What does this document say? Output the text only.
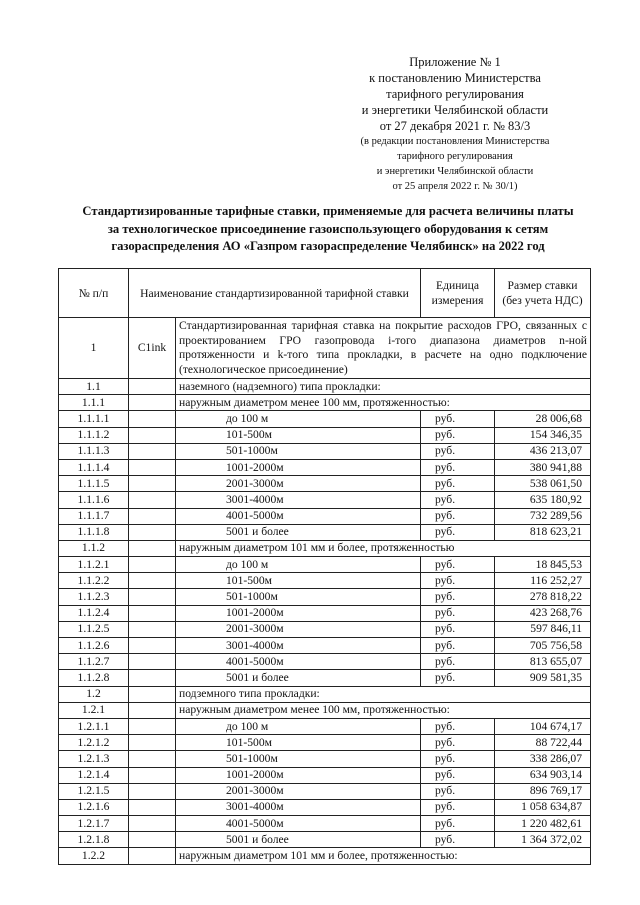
Приложение № 1
к постановлению Министерства
тарифного регулирования
и энергетики Челябинской области
от 27 декабря 2021 г. № 83/3
(в редакции постановления Министерства
тарифного регулирования
и энергетики Челябинской области
от 25 апреля 2022 г. № 30/1)
Стандартизированные тарифные ставки, применяемые для расчета величины платы
за технологическое присоединение газоиспользующего оборудования к сетям
газораспределения АО «Газпром газораспределение Челябинск» на 2022 год
№ п/п	Наименование стандартизированной тарифной ставки		Единица измерения	Размер ставки (без учета НДС)
1	C1ink	Стандартизированная тарифная ставка на покрытие расходов ГРО, связанных с проектированием ГРО газопровода i-того диапазона диаметров n-ной протяженности и k-того типа прокладки, в расчете на одно подключение (технологическое присоединение)		
1.1		наземного (надземного) типа прокладки:		
1.1.1		наружным диаметром менее 100 мм, протяженностью:		
1.1.1.1		до 100 м	руб.	28 006,68
1.1.1.2		101-500м	руб.	154 346,35
1.1.1.3		501-1000м	руб.	436 213,07
1.1.1.4		1001-2000м	руб.	380 941,88
1.1.1.5		2001-3000м	руб.	538 061,50
1.1.1.6		3001-4000м	руб.	635 180,92
1.1.1.7		4001-5000м	руб.	732 289,56
1.1.1.8		5001 и более	руб.	818 623,21
1.1.2		наружным диаметром 101 мм и более, протяженностью		
1.1.2.1		до 100 м	руб.	18 845,53
1.1.2.2		101-500м	руб.	116 252,27
1.1.2.3		501-1000м	руб.	278 818,22
1.1.2.4		1001-2000м	руб.	423 268,76
1.1.2.5		2001-3000м	руб.	597 846,11
1.1.2.6		3001-4000м	руб.	705 756,58
1.1.2.7		4001-5000м	руб.	813 655,07
1.1.2.8		5001 и более	руб.	909 581,35
1.2		подземного типа прокладки:		
1.2.1		наружным диаметром менее 100 мм, протяженностью:		
1.2.1.1		до 100 м	руб.	104 674,17
1.2.1.2		101-500м	руб.	88 722,44
1.2.1.3		501-1000м	руб.	338 286,07
1.2.1.4		1001-2000м	руб.	634 903,14
1.2.1.5		2001-3000м	руб.	896 769,17
1.2.1.6		3001-4000м	руб.	1 058 634,87
1.2.1.7		4001-5000м	руб.	1 220 482,61
1.2.1.8		5001 и более	руб.	1 364 372,02
1.2.2		наружным диаметром 101 мм и более, протяженностью:		
